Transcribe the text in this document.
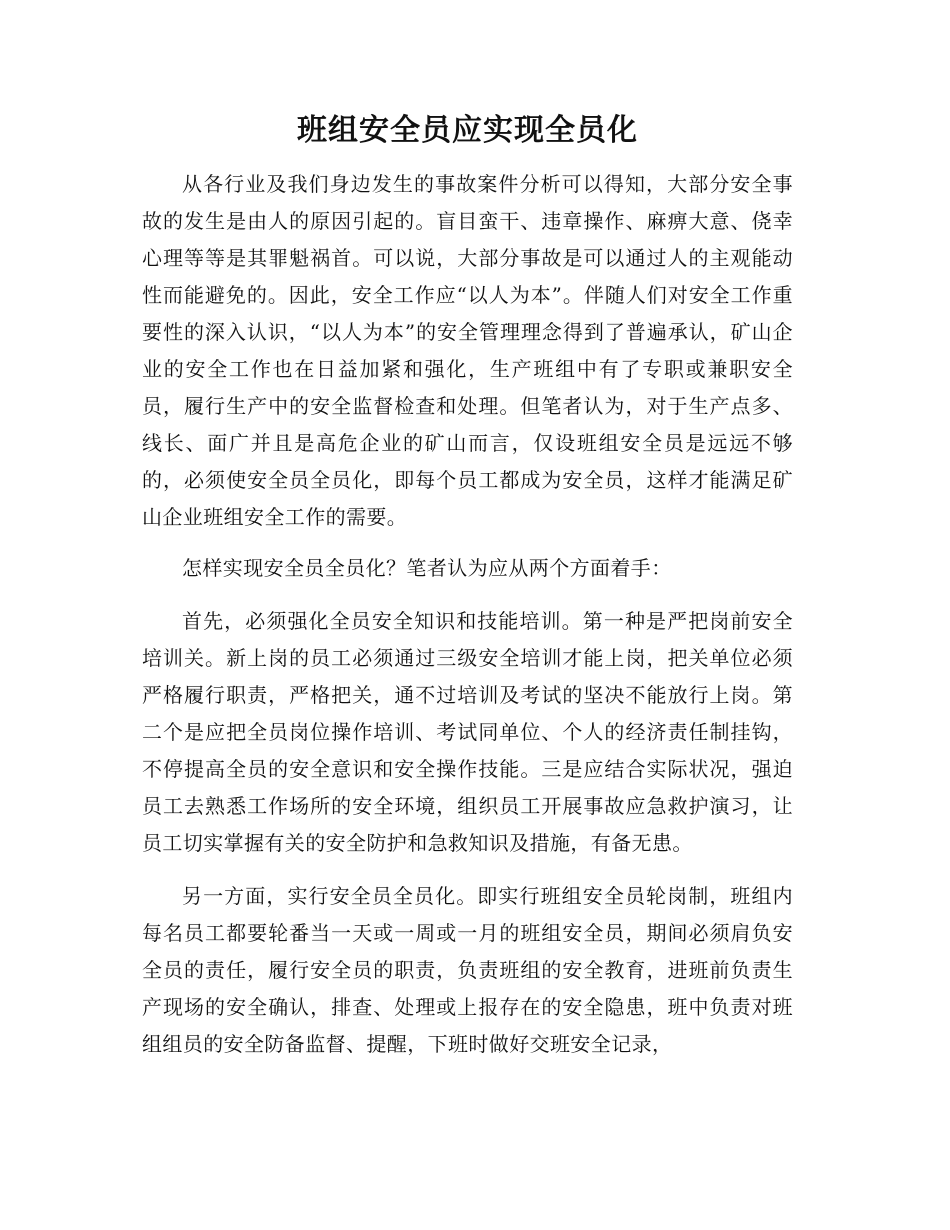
班组安全员应实现全员化

从各行业及我们身边发生的事故案件分析可以得知，大部分安全事故的发生是由人的原因引起的。盲目蛮干、违章操作、麻痹大意、侥幸心理等等是其罪魁祸首。可以说，大部分事故是可以通过人的主观能动性而能避免的。因此，安全工作应“以人为本”。伴随人们对安全工作重要性的深入认识，“以人为本”的安全管理理念得到了普遍承认，矿山企业的安全工作也在日益加紧和强化，生产班组中有了专职或兼职安全员，履行生产中的安全监督检查和处理。但笔者认为，对于生产点多、线长、面广并且是高危企业的矿山而言，仅设班组安全员是远远不够的，必须使安全员全员化，即每个员工都成为安全员，这样才能满足矿山企业班组安全工作的需要。

怎样实现安全员全员化？笔者认为应从两个方面着手：

首先，必须强化全员安全知识和技能培训。第一种是严把岗前安全培训关。新上岗的员工必须通过三级安全培训才能上岗，把关单位必须严格履行职责，严格把关，通不过培训及考试的坚决不能放行上岗。第二个是应把全员岗位操作培训、考试同单位、个人的经济责任制挂钩，不停提高全员的安全意识和安全操作技能。三是应结合实际状况，强迫员工去熟悉工作场所的安全环境，组织员工开展事故应急救护演习，让员工切实掌握有关的安全防护和急救知识及措施，有备无患。

另一方面，实行安全员全员化。即实行班组安全员轮岗制，班组内每名员工都要轮番当一天或一周或一月的班组安全员，期间必须肩负安全员的责任，履行安全员的职责，负责班组的安全教育，进班前负责生产现场的安全确认，排查、处理或上报存在的安全隐患，班中负责对班组组员的安全防备监督、提醒，下班时做好交班安全记录，
